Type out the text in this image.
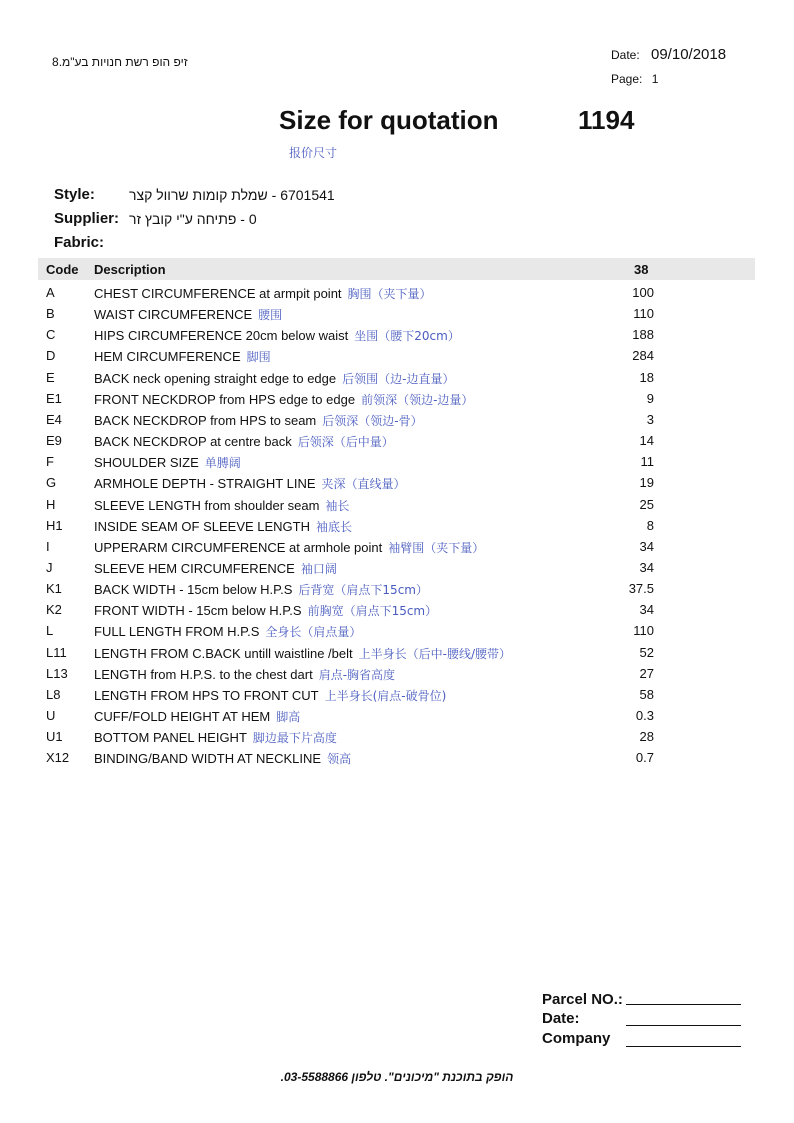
זיפ הופ רשת חנויות בע"מ.8	Date: 09/10/2018
Page: 1
Size for quotation	1194
报价尺寸
Style: 6701541 - שמלת קומות שרוול קצר
Supplier: 0 - פתיחה ע"י קובץ זר
Fabric:
Code Description	38
A	CHEST CIRCUMFERENCE at armpit point 胸围（夹下量）	100
B	WAIST CIRCUMFERENCE 腰围	110
C	HIPS CIRCUMFERENCE 20cm below waist 坐围（腰下20cm）	188
D	HEM CIRCUMFERENCE 脚围	284
E	BACK neck opening straight edge to edge 后领围（边-边直量）	18
E1 FRONT NECKDROP from HPS edge to edge 前领深（领边-边量）	9
E4 BACK NECKDROP from HPS to seam 后领深（领边-骨）	3
E9 BACK NECKDROP at centre back 后领深（后中量）	14
F	SHOULDER SIZE 单膊阔	11
G	ARMHOLE DEPTH - STRAIGHT LINE 夹深（直线量）	19
H	SLEEVE LENGTH from shoulder seam 袖长	25
H1 INSIDE SEAM OF SLEEVE LENGTH 袖底长	8
I	UPPERARM CIRCUMFERENCE at armhole point 袖臂围（夹下量）	34
J	SLEEVE HEM CIRCUMFERENCE 袖口阔	34
K1 BACK WIDTH - 15cm below H.P.S 后背宽（肩点下15cm）	37.5
K2 FRONT WIDTH - 15cm below H.P.S 前胸宽（肩点下15cm）	34
L	FULL LENGTH FROM H.P.S 全身长（肩点量）	110
L11 LENGTH FROM C.BACK untill waistline /belt 上半身长（后中-腰线/腰带）	52
L13 LENGTH from H.P.S. to the chest dart 肩点-胸省高度	27
L8	LENGTH FROM HPS TO FRONT CUT 上半身长(肩点-破骨位)	58
U	CUFF/FOLD HEIGHT AT HEM 脚高	0.3
U1 BOTTOM PANEL HEIGHT 脚边最下片高度	28
X12 BINDING/BAND WIDTH AT NECKLINE 领高	0.7
Parcel NO.:
Date:
Company
הופק בתוכנת "מיכונים". טלפון 03-5588866.
